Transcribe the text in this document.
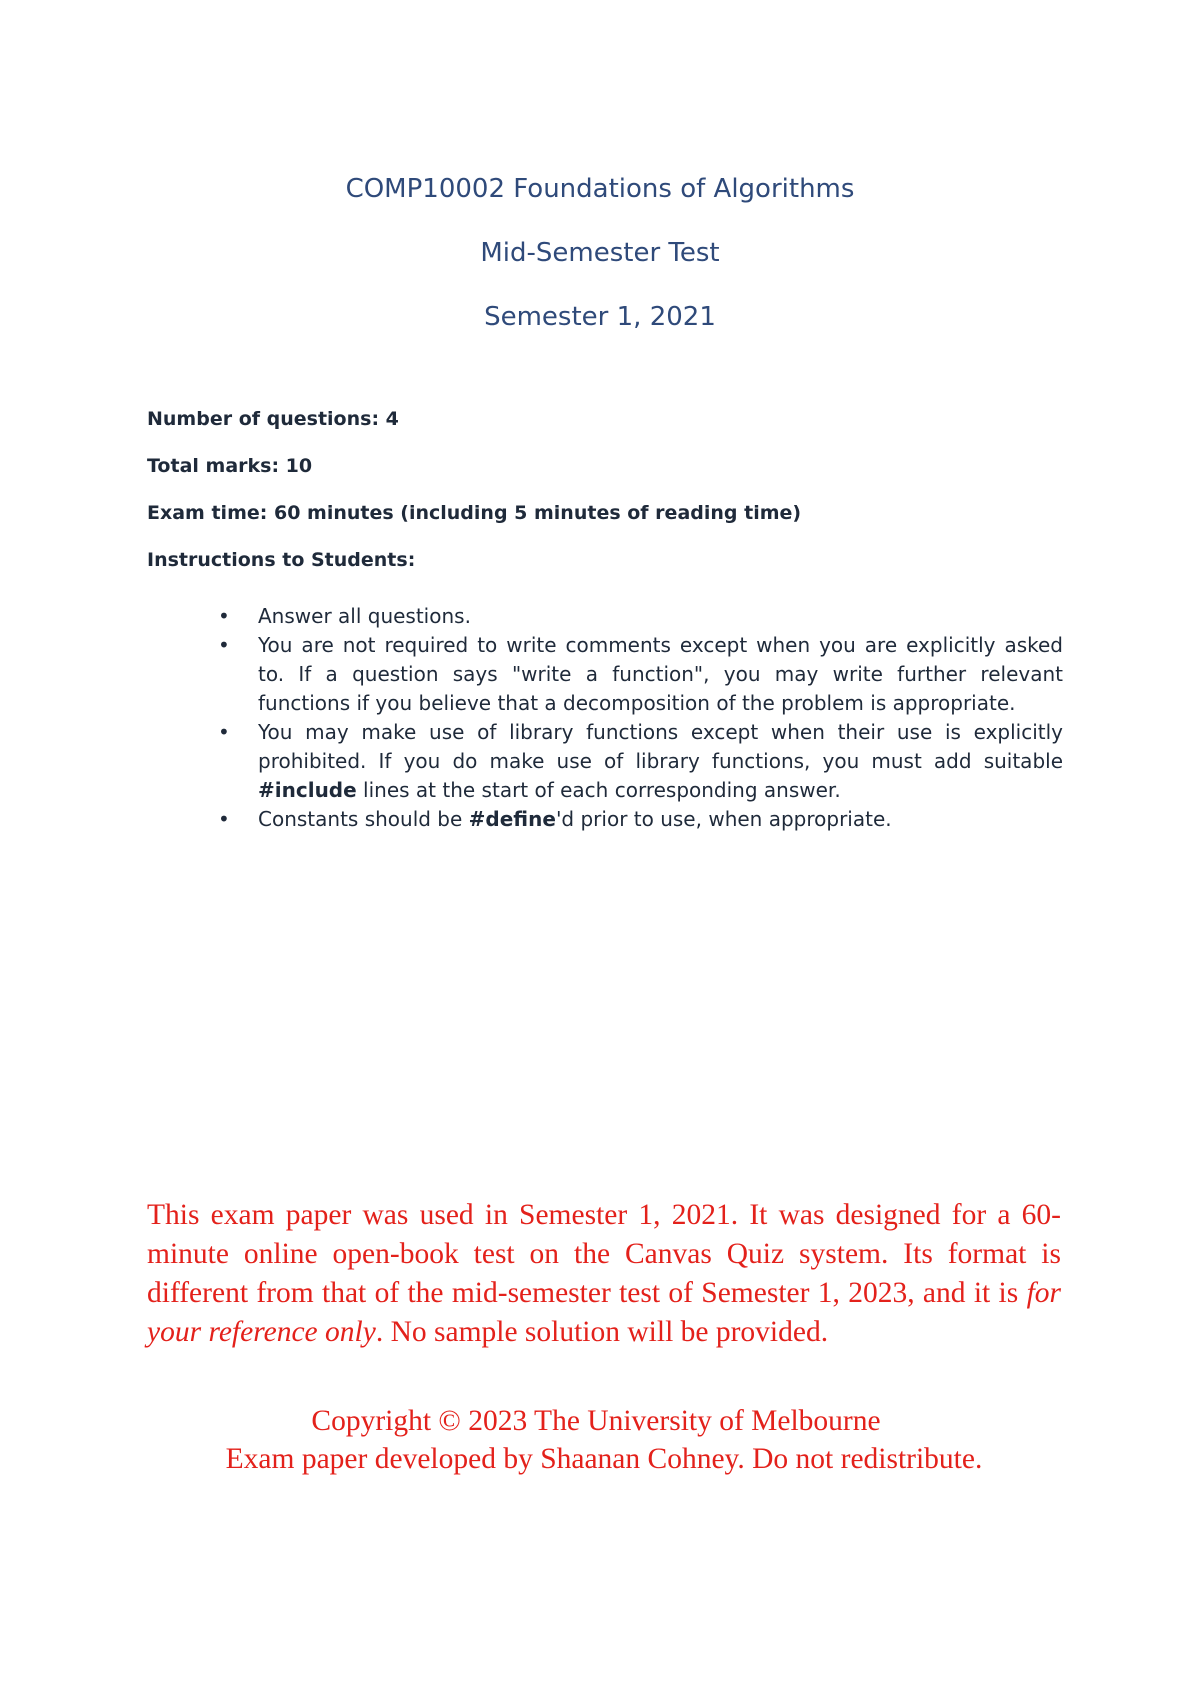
COMP10002 Foundations of Algorithms
Mid-Semester Test
Semester 1, 2021
Number of questions: 4
Total marks: 10
Exam time: 60 minutes (including 5 minutes of reading time)
Instructions to Students:
• Answer all questions.
• You are not required to write comments except when you are explicitly asked to. If a question says "write a function", you may write further relevant functions if you believe that a decomposition of the problem is appropriate.
• You may make use of library functions except when their use is explicitly prohibited. If you do make use of library functions, you must add suitable #include lines at the start of each corresponding answer.
• Constants should be #define'd prior to use, when appropriate.
This exam paper was used in Semester 1, 2021. It was designed for a 60-minute online open-book test on the Canvas Quiz system. Its format is different from that of the mid-semester test of Semester 1, 2023, and it is for your reference only. No sample solution will be provided.
Copyright © 2023 The University of Melbourne
Exam paper developed by Shaanan Cohney. Do not redistribute.
